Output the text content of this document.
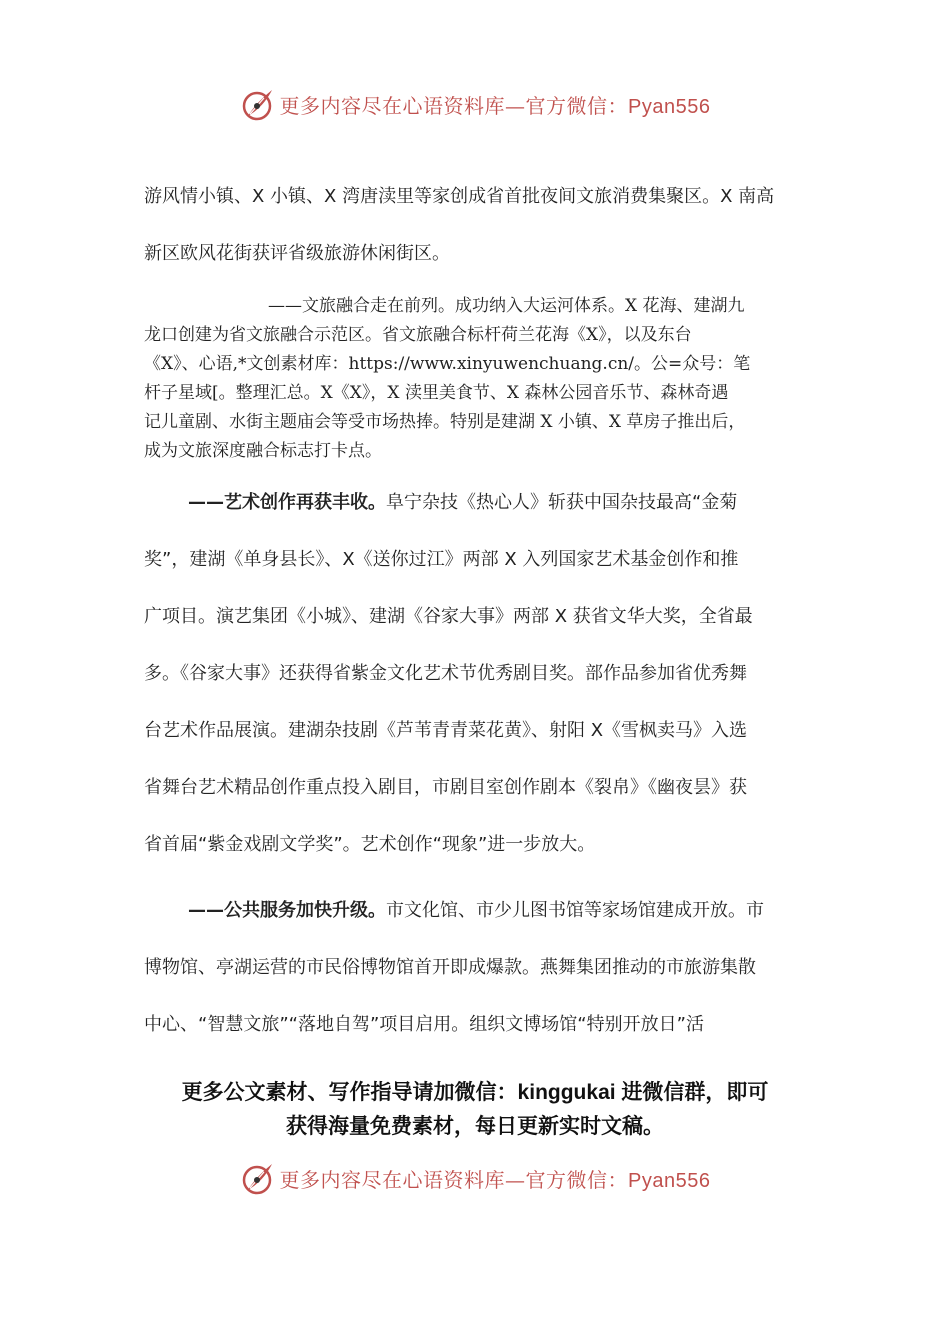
更多内容尽在心语资料库—官方微信：Pyan556

游风情小镇、X 小镇、X 湾唐渎里等家创成省首批夜间文旅消费集聚区。X 南高

新区欧风花街获评省级旅游休闲街区。

——文旅融合走在前列。成功纳入大运河体系。X 花海、建湖九
龙口创建为省文旅融合示范区。省文旅融合标杆荷兰花海《X》，以及东台
《X》、心语,*文创素材库：https://www.xinyuwenchuang.cn/。公=众号：笔
杆子星域[。整理汇总。X《X》，X 渎里美食节、X 森林公园音乐节、森林奇遇
记儿童剧、水街主题庙会等受市场热捧。特别是建湖 X 小镇、X 草房子推出后，
成为文旅深度融合标志打卡点。

——艺术创作再获丰收。阜宁杂技《热心人》斩获中国杂技最高“金菊

奖”，建湖《单身县长》、X《送你过江》两部 X 入列国家艺术基金创作和推

广项目。演艺集团《小城》、建湖《谷家大事》两部 X 获省文华大奖，全省最

多。《谷家大事》还获得省紫金文化艺术节优秀剧目奖。部作品参加省优秀舞

台艺术作品展演。建湖杂技剧《芦苇青青菜花黄》、射阳 X《雪枫卖马》入选

省舞台艺术精品创作重点投入剧目，市剧目室创作剧本《裂帛》《幽夜昙》获

省首届“紫金戏剧文学奖”。艺术创作“现象”进一步放大。

——公共服务加快升级。市文化馆、市少儿图书馆等家场馆建成开放。市

博物馆、亭湖运营的市民俗博物馆首开即成爆款。燕舞集团推动的市旅游集散

中心、“智慧文旅”“落地自驾”项目启用。组织文博场馆“特别开放日”活

更多公文素材、写作指导请加微信：kinggukai 进微信群，即可
获得海量免费素材，每日更新实时文稿。
更多内容尽在心语资料库—官方微信：Pyan556
